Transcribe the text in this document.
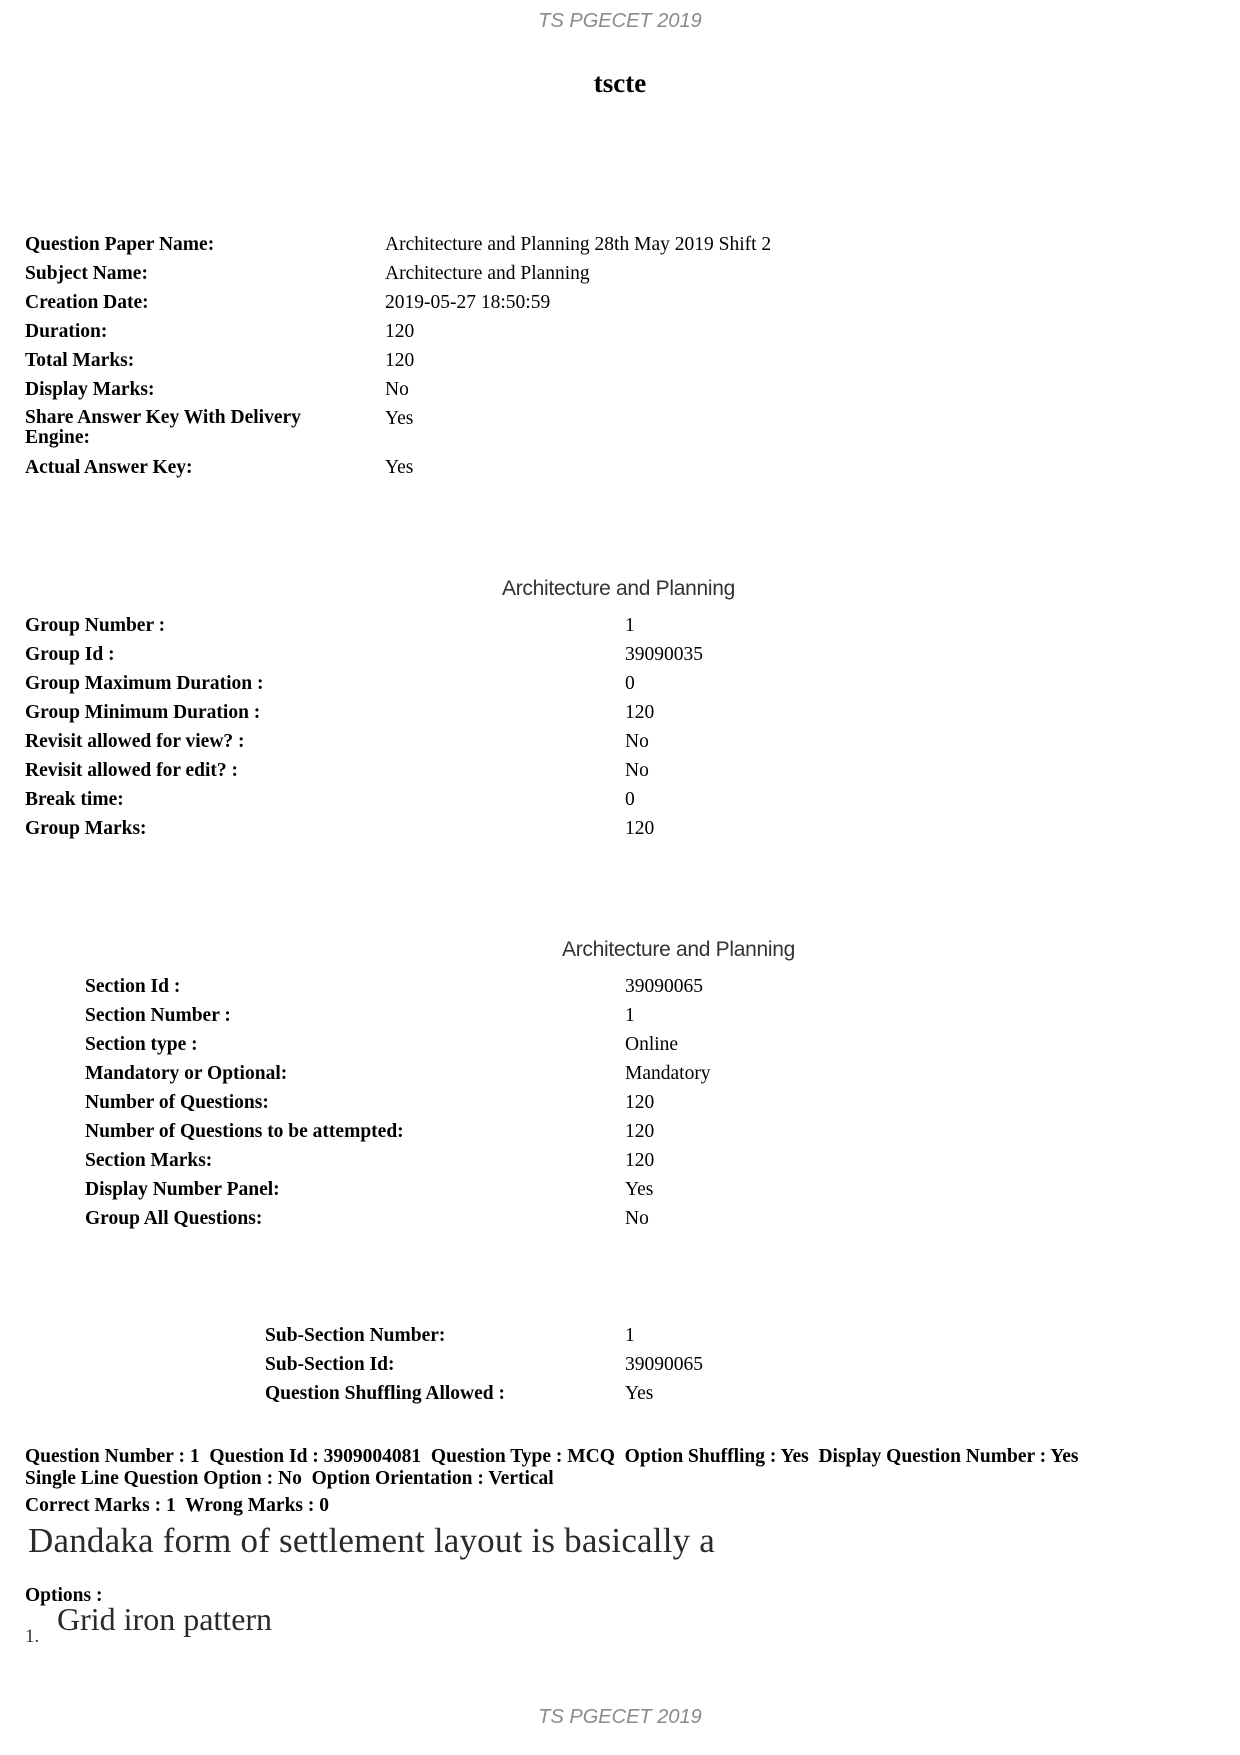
TS PGECET 2019
tscte
Question Paper Name:	Architecture and Planning 28th May 2019 Shift 2
Subject Name:	Architecture and Planning
Creation Date:	2019-05-27 18:50:59
Duration:	120
Total Marks:	120
Display Marks:	No
Share Answer Key With Delivery Engine:
Yes
Actual Answer Key:	Yes
Architecture and Planning
Group Number :	1
Group Id :	39090035
Group Maximum Duration :	0
Group Minimum Duration :	120
Revisit allowed for view? :	No
Revisit allowed for edit? :	No
Break time:	0
Group Marks:	120
Architecture and Planning
Section Id :	39090065
Section Number :	1
Section type :	Online
Mandatory or Optional:	Mandatory
Number of Questions:	120
Number of Questions to be attempted:	120
Section Marks:	120
Display Number Panel:	Yes
Group All Questions:	No
Sub-Section Number:	1
Sub-Section Id:	39090065
Question Shuffling Allowed :	Yes
Question Number : 1  Question Id : 3909004081  Question Type : MCQ  Option Shuffling : Yes  Display Question Number : Yes
Single Line Question Option : No  Option Orientation : Vertical
Correct Marks : 1  Wrong Marks : 0
Dandaka form of settlement layout is basically a
Options :
1. Grid iron pattern
TS PGECET 2019
